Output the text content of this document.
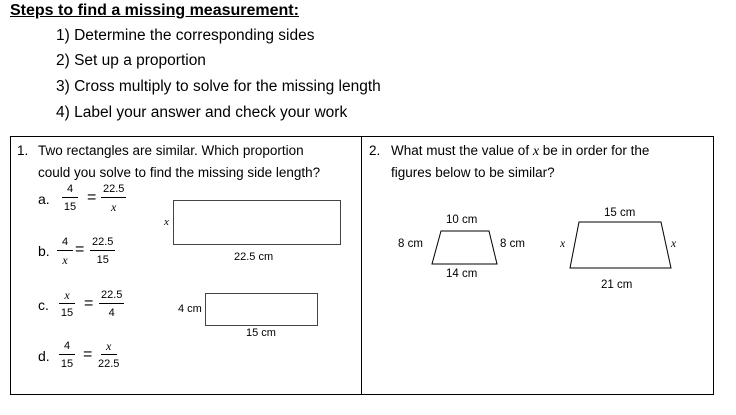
Steps to find a missing measurement:
1) Determine the corresponding sides
2) Set up a proportion
3) Cross multiply to solve for the missing length
4) Label your answer and check your work
1. Two rectangles are similar. Which proportion
could you solve to find the missing side length?
a. $\frac{4}{15} = \frac{22.5}{x}$
b. $\frac{4}{x} = \frac{22.5}{15}$
c. $\frac{x}{15} = \frac{22.5}{4}$
d. $\frac{4}{15} = \frac{x}{22.5}$
x
22.5 cm
4 cm
15 cm
2. What must the value of x be in order for the
figures below to be similar?
10 cm
8 cm	8 cm
14 cm
15 cm
x	x
21 cm
